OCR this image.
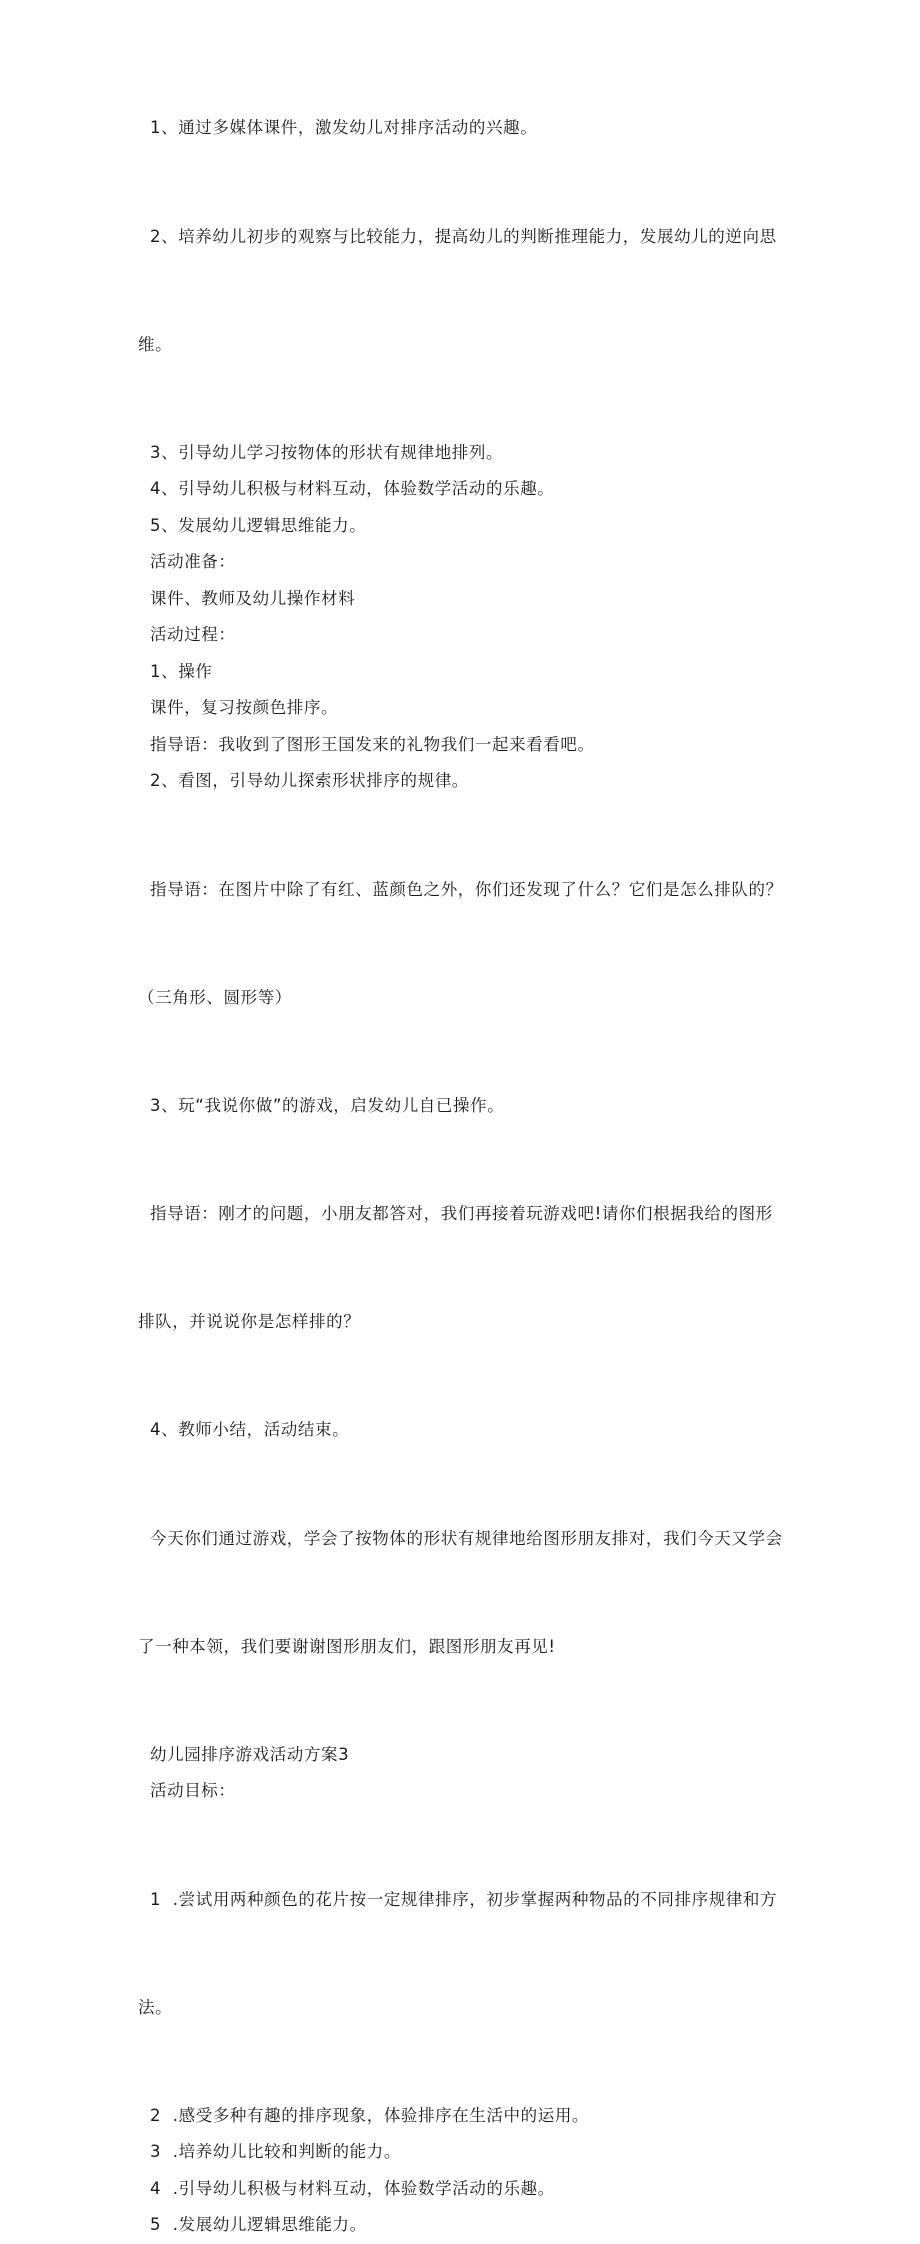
1、通过多媒体课件，激发幼儿对排序活动的兴趣。

2、培养幼儿初步的观察与比较能力，提高幼儿的判断推理能力，发展幼儿的逆向思

维。

3、引导幼儿学习按物体的形状有规律地排列。

4、引导幼儿积极与材料互动，体验数学活动的乐趣。

5、发展幼儿逻辑思维能力。

活动准备：

课件、教师及幼儿操作材料

活动过程：

1、操作

课件，复习按颜色排序。

指导语：我收到了图形王国发来的礼物我们一起来看看吧。

2、看图，引导幼儿探索形状排序的规律。

指导语：在图片中除了有红、蓝颜色之外，你们还发现了什么？它们是怎么排队的？

（三角形、圆形等）

3、玩“我说你做”的游戏，启发幼儿自已操作。

指导语：刚才的问题，小朋友都答对，我们再接着玩游戏吧!请你们根据我给的图形

排队，并说说你是怎样排的？

4、教师小结，活动结束。

今天你们通过游戏，学会了按物体的形状有规律地给图形朋友排对，我们今天又学会

了一种本领，我们要谢谢图形朋友们，跟图形朋友再见!

幼儿园排序游戏活动方案3

活动目标：

1  .尝试用两种颜色的花片按一定规律排序，初步掌握两种物品的不同排序规律和方

法。

2  .感受多种有趣的排序现象，体验排序在生活中的运用。

3  .培养幼儿比较和判断的能力。

4  .引导幼儿积极与材料互动，体验数学活动的乐趣。

5  .发展幼儿逻辑思维能力。
